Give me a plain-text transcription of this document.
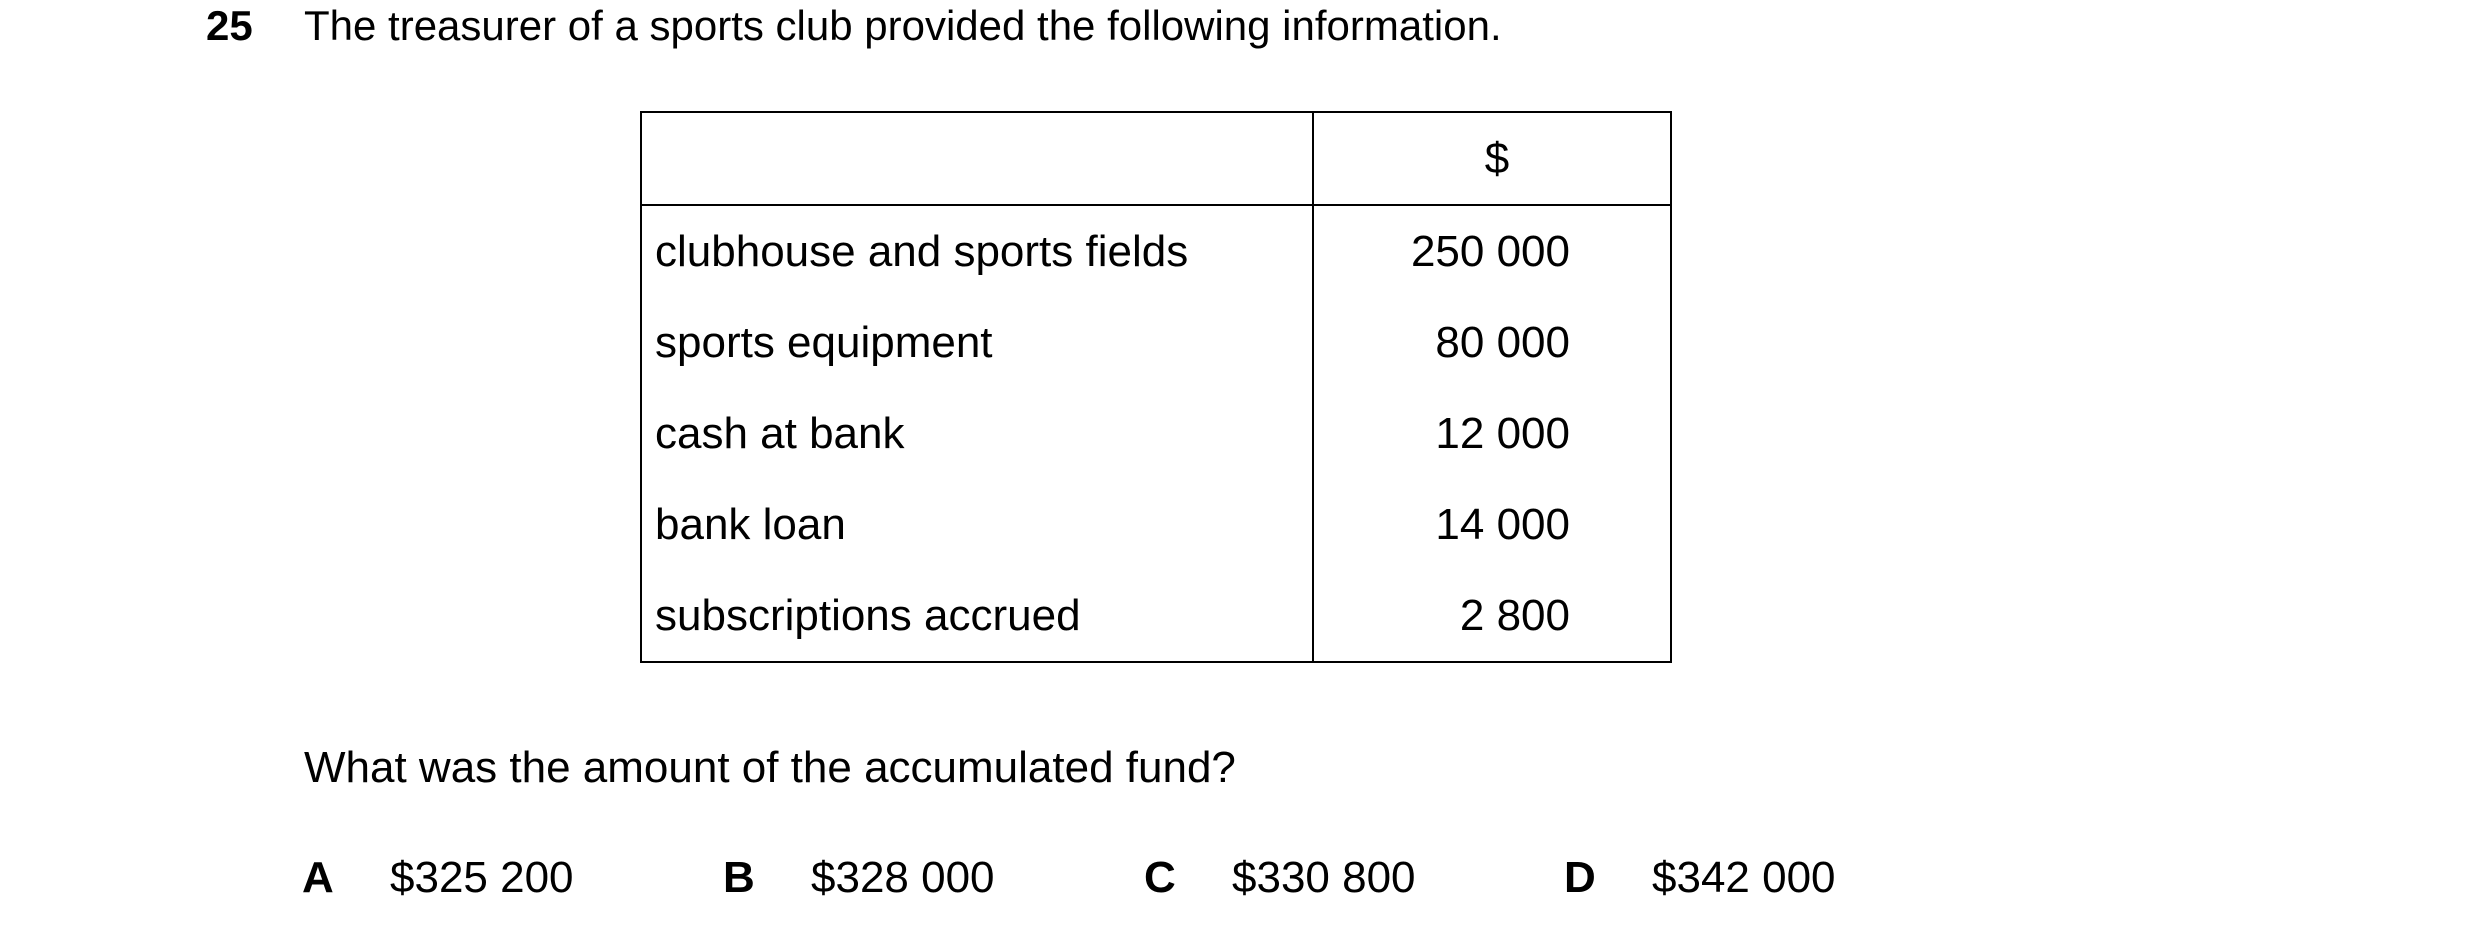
25 The treasurer of a sports club provided the following information.
	$
clubhouse and sports fields	250 000
sports equipment	80 000
cash at bank	12 000
bank loan	14 000
subscriptions accrued	2 800
What was the amount of the accumulated fund?
A $325 200	B $328 000	C $330 800	D $342 000
